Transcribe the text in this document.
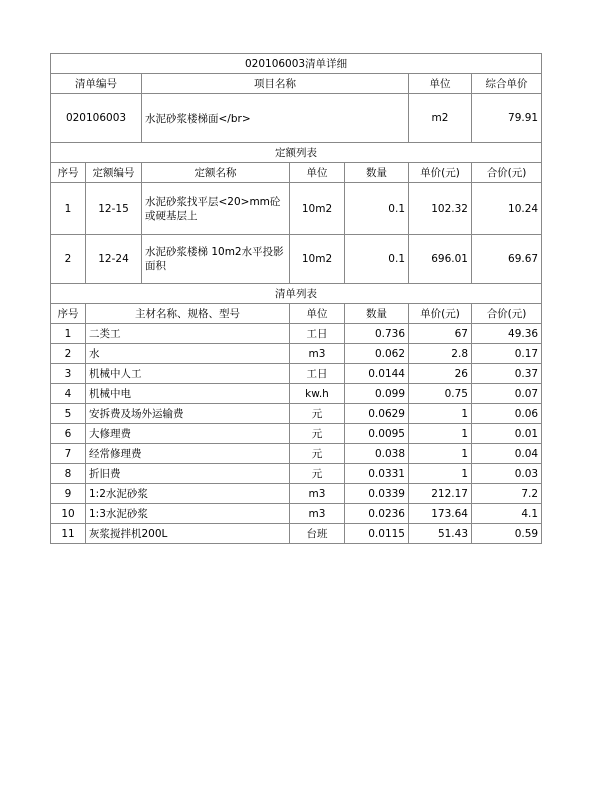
020106003清单详细						
清单编号		项目名称			单位	综合单价
020106003		水泥砂浆楼梯面</br>			m2	79.91
定额列表						
序号	定额编号	定额名称	单位	数量	单价(元)	合价(元)
1	12-15	水泥砂浆找平层<20>mm砼或硬基层上	10m2	0.1	102.32	10.24
2	12-24	水泥砂浆楼梯 10m2水平投影面积	10m2	0.1	696.01	69.67
清单列表						
序号	主材名称、规格、型号		单位	数量	单价(元)	合价(元)
1	二类工		工日	0.736	67	49.36
2	水		m3	0.062	2.8	0.17
3	机械中人工		工日	0.0144	26	0.37
4	机械中电		kw.h	0.099	0.75	0.07
5	安拆费及场外运输费		元	0.0629	1	0.06
6	大修理费		元	0.0095	1	0.01
7	经常修理费		元	0.038	1	0.04
8	折旧费		元	0.0331	1	0.03
9	1:2水泥砂浆		m3	0.0339	212.17	7.2
10	1:3水泥砂浆		m3	0.0236	173.64	4.1
11	灰浆搅拌机200L		台班	0.0115	51.43	0.59
